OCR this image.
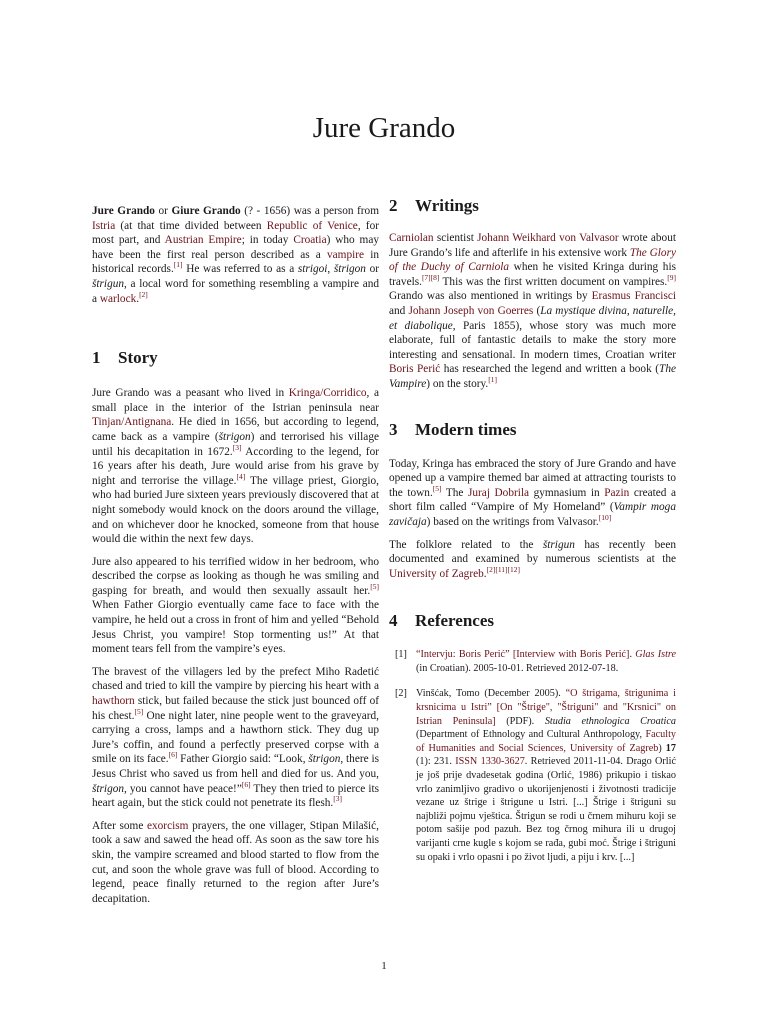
Jure Grando

Jure Grando or Giure Grando (? - 1656) was a person from Istria (at that time divided between Republic of Venice, for most part, and Austrian Empire; in today Croatia) who may have been the first real person described as a vampire in historical records.[1] He was referred to as a strigoi, štrigon or štrigun, a local word for something resembling a vampire and a warlock.[2]

1 Story

Jure Grando was a peasant who lived in Kringa/Corridico, a small place in the interior of the Istrian peninsula near Tinjan/Antignana. He died in 1656, but according to legend, came back as a vampire (štrigon) and terrorised his village until his decapitation in 1672.[3] According to the legend, for 16 years after his death, Jure would arise from his grave by night and terrorise the village.[4] The village priest, Giorgio, who had buried Jure sixteen years previously discovered that at night somebody would knock on the doors around the village, and on whichever door he knocked, someone from that house would die within the next few days.

Jure also appeared to his terrified widow in her bedroom, who described the corpse as looking as though he was smiling and gasping for breath, and would then sexually assault her.[5] When Father Giorgio eventually came face to face with the vampire, he held out a cross in front of him and yelled “Behold Jesus Christ, you vampire! Stop tormenting us!” At that moment tears fell from the vampire’s eyes.

The bravest of the villagers led by the prefect Miho Radetić chased and tried to kill the vampire by piercing his heart with a hawthorn stick, but failed because the stick just bounced off of his chest.[5] One night later, nine people went to the graveyard, carrying a cross, lamps and a hawthorn stick. They dug up Jure’s coffin, and found a perfectly preserved corpse with a smile on its face.[6] Father Giorgio said: “Look, štrigon, there is Jesus Christ who saved us from hell and died for us. And you, štrigon, you cannot have peace!”[6] They then tried to pierce its heart again, but the stick could not penetrate its flesh.[3]

After some exorcism prayers, the one villager, Stipan Milašić, took a saw and sawed the head off. As soon as the saw tore his skin, the vampire screamed and blood started to flow from the cut, and soon the whole grave was full of blood. According to legend, peace finally returned to the region after Jure’s decapitation.

2 Writings

Carniolan scientist Johann Weikhard von Valvasor wrote about Jure Grando’s life and afterlife in his extensive work The Glory of the Duchy of Carniola when he visited Kringa during his travels.[7][8] This was the first written document on vampires.[9] Grando was also mentioned in writings by Erasmus Francisci and Johann Joseph von Goerres (La mystique divina, naturelle, et diabolique, Paris 1855), whose story was much more elaborate, full of fantastic details to make the story more interesting and sensational. In modern times, Croatian writer Boris Perić has researched the legend and written a book (The Vampire) on the story.[1]

3 Modern times

Today, Kringa has embraced the story of Jure Grando and have opened up a vampire themed bar aimed at attracting tourists to the town.[5] The Juraj Dobrila gymnasium in Pazin created a short film called “Vampire of My Homeland” (Vampir moga zavičaja) based on the writings from Valvasor.[10]

The folklore related to the štrigun has recently been documented and examined by numerous scientists at the University of Zagreb.[2][11][12]

4 References
[1] “Intervju: Boris Perić” [Interview with Boris Perić]. Glas Istre (in Croatian). 2005-10-01. Retrieved 2012-07-18.
[2] Vinšćak, Tomo (December 2005). “O štrigama, štrigunima i krsnicima u Istri” [On "Štrige", "Štriguni" and "Krsnici" on Istrian Peninsula] (PDF). Studia ethnologica Croatica (Department of Ethnology and Cultural Anthropology, Faculty of Humanities and Social Sciences, University of Zagreb) 17 (1): 231. ISSN 1330-3627. Retrieved 2011-11-04. Drago Orlić je još prije dvadesetak godina (Orlić, 1986) prikupio i tiskao vrlo zanimljivo gradivo o ukorijenjenosti i životnosti tradicije vezane uz štrige i štrigune u Istri. [...] Štrige i štriguni su najbliži pojmu vještica. Štrigun se rodi u črnem mihuru koji se potom sašije pod pazuh. Bez tog črnog mihura ili u drugoj varijanti crne kugle s kojom se rađa, gubi moć. Štrige i štriguni su opaki i vrlo opasni i po život ljudi, a piju i krv. [...]
1
